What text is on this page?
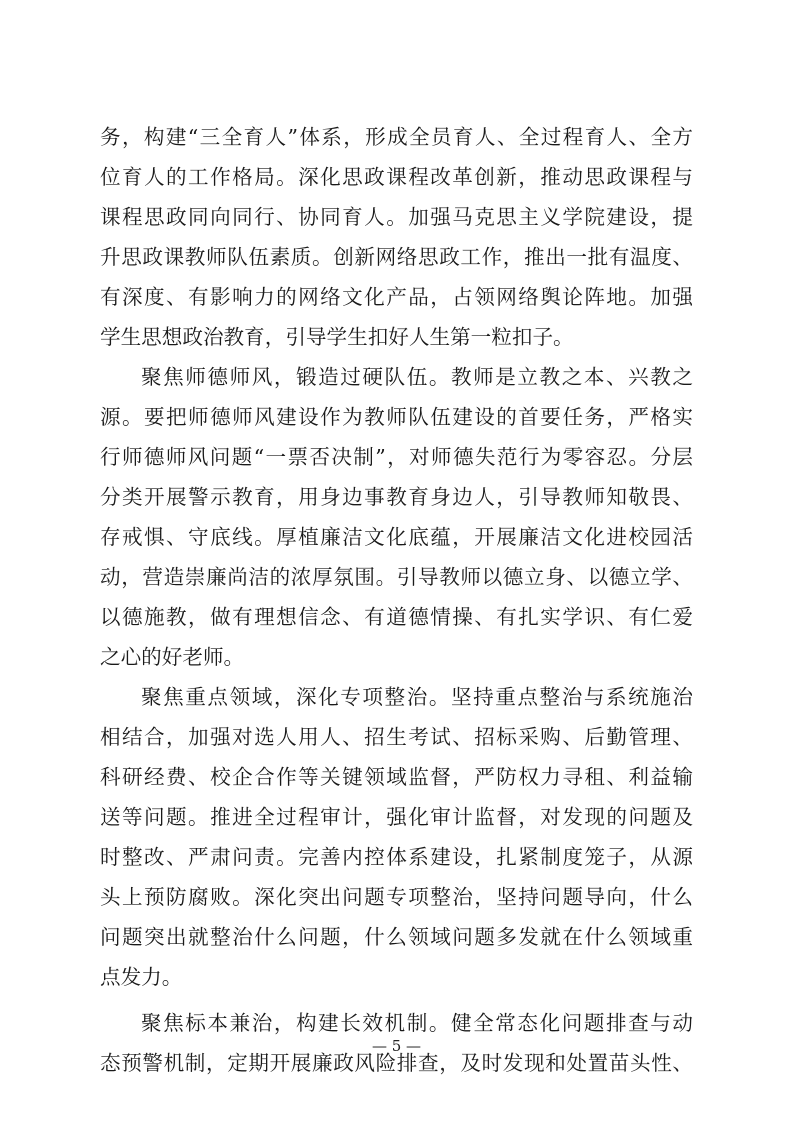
务，构建“三全育人”体系，形成全员育人、全过程育人、全方
位育人的工作格局。深化思政课程改革创新，推动思政课程与
课程思政同向同行、协同育人。加强马克思主义学院建设，提
升思政课教师队伍素质。创新网络思政工作，推出一批有温度、
有深度、有影响力的网络文化产品，占领网络舆论阵地。加强
学生思想政治教育，引导学生扣好人生第一粒扣子。
聚焦师德师风，锻造过硬队伍。教师是立教之本、兴教之
源。要把师德师风建设作为教师队伍建设的首要任务，严格实
行师德师风问题“一票否决制”，对师德失范行为零容忍。分层
分类开展警示教育，用身边事教育身边人，引导教师知敬畏、
存戒惧、守底线。厚植廉洁文化底蕴，开展廉洁文化进校园活
动，营造崇廉尚洁的浓厚氛围。引导教师以德立身、以德立学、
以德施教，做有理想信念、有道德情操、有扎实学识、有仁爱
之心的好老师。
聚焦重点领域，深化专项整治。坚持重点整治与系统施治
相结合，加强对选人用人、招生考试、招标采购、后勤管理、
科研经费、校企合作等关键领域监督，严防权力寻租、利益输
送等问题。推进全过程审计，强化审计监督，对发现的问题及
时整改、严肃问责。完善内控体系建设，扎紧制度笼子，从源
头上预防腐败。深化突出问题专项整治，坚持问题导向，什么
问题突出就整治什么问题，什么领域问题多发就在什么领域重
点发力。
聚焦标本兼治，构建长效机制。健全常态化问题排查与动
态预警机制，定期开展廉政风险排查，及时发现和处置苗头性、
— 5 —
